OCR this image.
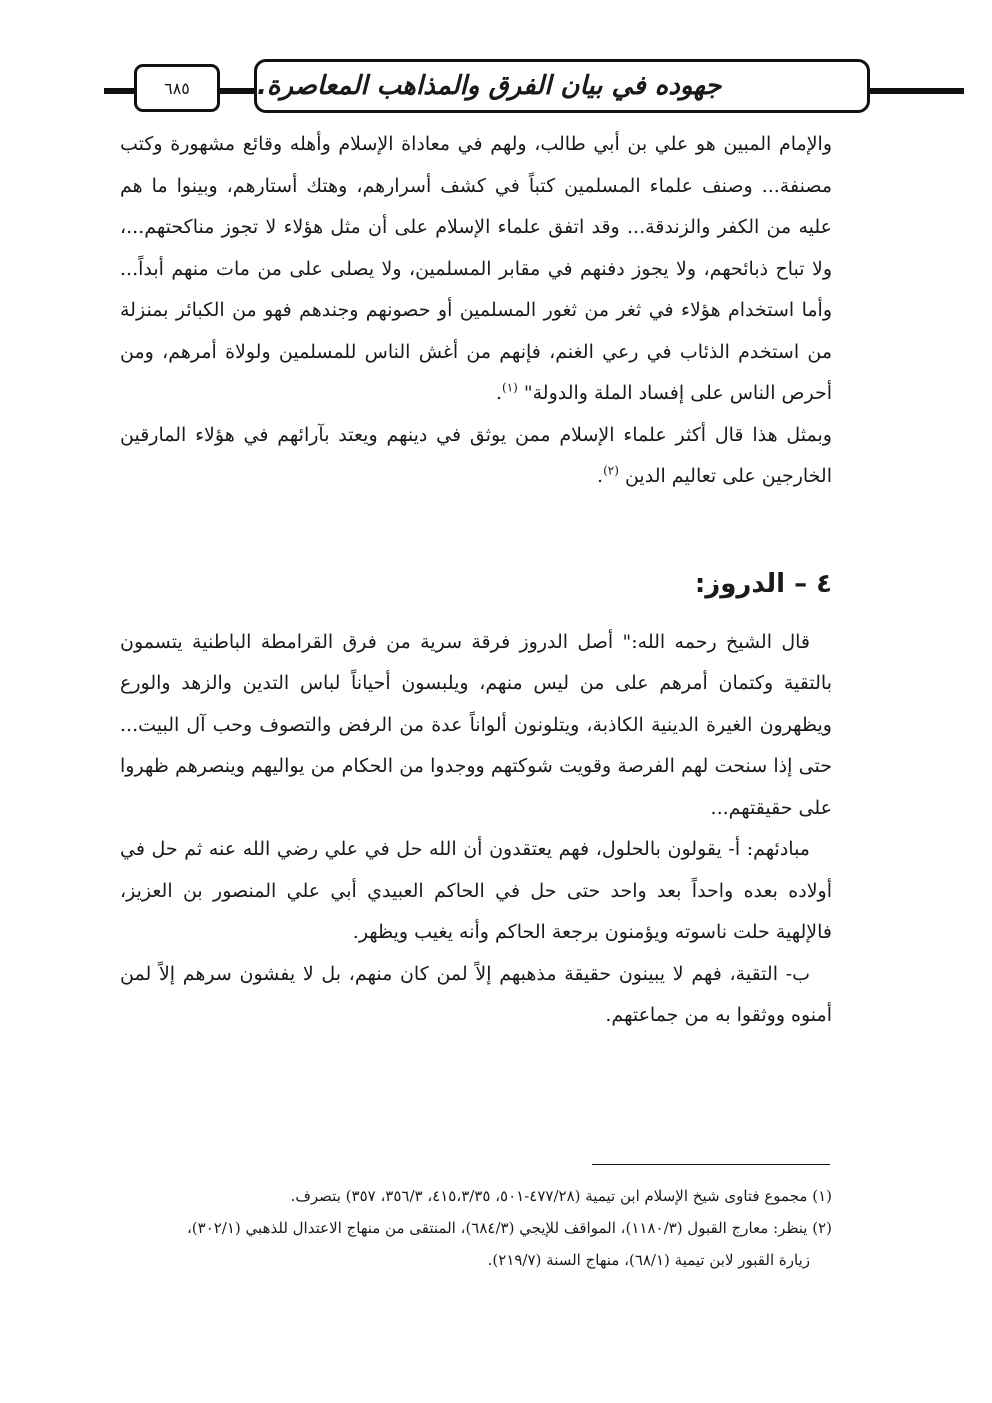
٦٨٥	جهوده في بيان الفرق والمذاهب المعاصرة.

والإمام المبين هو علي بن أبي طالب، ولهم في معاداة الإسلام وأهله وقائع مشهورة وكتب مصنفة... وصنف علماء المسلمين كتباً في كشف أسرارهم، وهتك أستارهم، وبينوا ما هم عليه من الكفر والزندقة... وقد اتفق علماء الإسلام على أن مثل هؤلاء لا تجوز مناكحتهم...، ولا تباح ذبائحهم، ولا يجوز دفنهم في مقابر المسلمين، ولا يصلى على من مات منهم أبداً... وأما استخدام هؤلاء في ثغر من ثغور المسلمين أو حصونهم وجندهم فهو من الكبائر بمنزلة من استخدم الذئاب في رعي الغنم، فإنهم من أغش الناس للمسلمين ولولاة أمرهم، ومن أحرص الناس على إفساد الملة والدولة" $^{(١)}$.

وبمثل هذا قال أكثر علماء الإسلام ممن يوثق في دينهم ويعتد بآرائهم في هؤلاء المارقين الخارجين على تعاليم الدين $^{(٢)}$.

٤ – الدروز:

قال الشيخ رحمه الله:" أصل الدروز فرقة سرية من فرق القرامطة الباطنية يتسمون بالتقية وكتمان أمرهم على من ليس منهم، ويلبسون أحياناً لباس التدين والزهد والورع ويظهرون الغيرة الدينية الكاذبة، ويتلونون ألواناً عدة من الرفض والتصوف وحب آل البيت... حتى إذا سنحت لهم الفرصة وقويت شوكتهم ووجدوا من الحكام من يواليهم وينصرهم ظهروا على حقيقتهم...

مبادئهم: أ- يقولون بالحلول، فهم يعتقدون أن الله حل في علي رضي الله عنه ثم حل في أولاده بعده واحداً بعد واحد حتى حل في الحاكم العبيدي أبي علي المنصور بن العزيز، فالإلهية حلت ناسوته ويؤمنون برجعة الحاكم وأنه يغيب ويظهر.

ب- التقية، فهم لا يبينون حقيقة مذهبهم إلاً لمن كان منهم، بل لا يفشون سرهم إلاً لمن أمنوه ووثقوا به من جماعتهم.

(١) مجموع فتاوى شيخ الإسلام ابن تيمية (٤٧٧/٢٨-٥٠١، ٤١٥،٣/٣٥، ٣٥٦/٣، ٣٥٧) بتصرف.

(٢) ينظر: معارج القبول (١١٨٠/٣)، المواقف للإيجي (٦٨٤/٣)، المنتقى من منهاج الاعتدال للذهبي (٣٠٢/١)،

زيارة القبور لابن تيمية (٦٨/١)، منهاج السنة (٢١٩/٧).
